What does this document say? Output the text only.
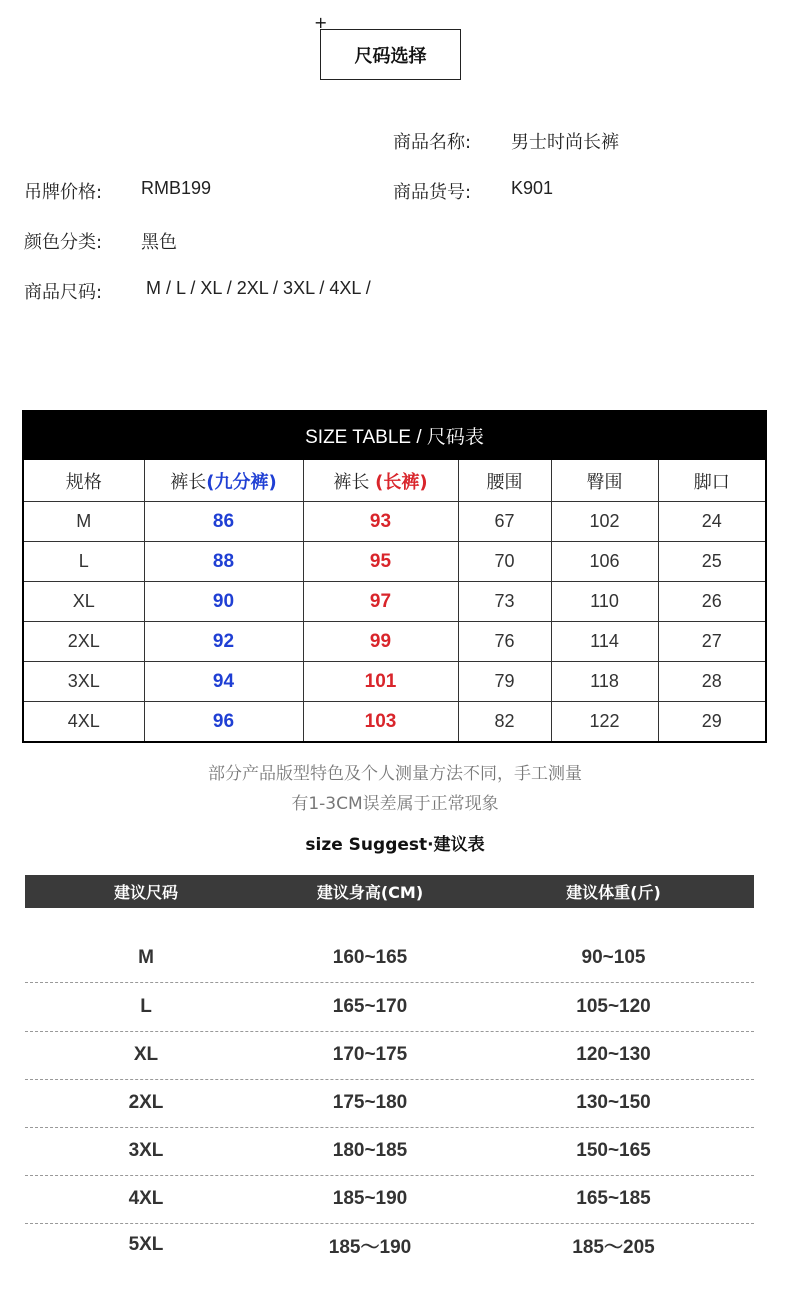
+
尺码选择
商品名称: 男士时尚长裤
吊牌价格: RMB199	商品货号: K901
颜色分类: 黑色
商品尺码: M / L / XL / 2XL / 3XL / 4XL /
SIZE TABLE / 尺码表					
规格	裤长(九分裤)	裤长 (长裤)	腰围	臀围	脚口
M	86	93	67	102	24
L	88	95	70	106	25
XL	90	97	73	110	26
2XL	92	99	76	114	27
3XL	94	101	79	118	28
4XL	96	103	82	122	29
部分产品版型特色及个人测量方法不同，手工测量
有1-3CM误差属于正常现象
size Suggest·建议表
建议尺码	建议身高(CM)	建议体重(斤)
M	160~165	90~105
L	165~170	105~120
XL	170~175	120~130
2XL	175~180	130~150
3XL	180~185	150~165
4XL	185~190	165~185
5XL	185～190	185～205
